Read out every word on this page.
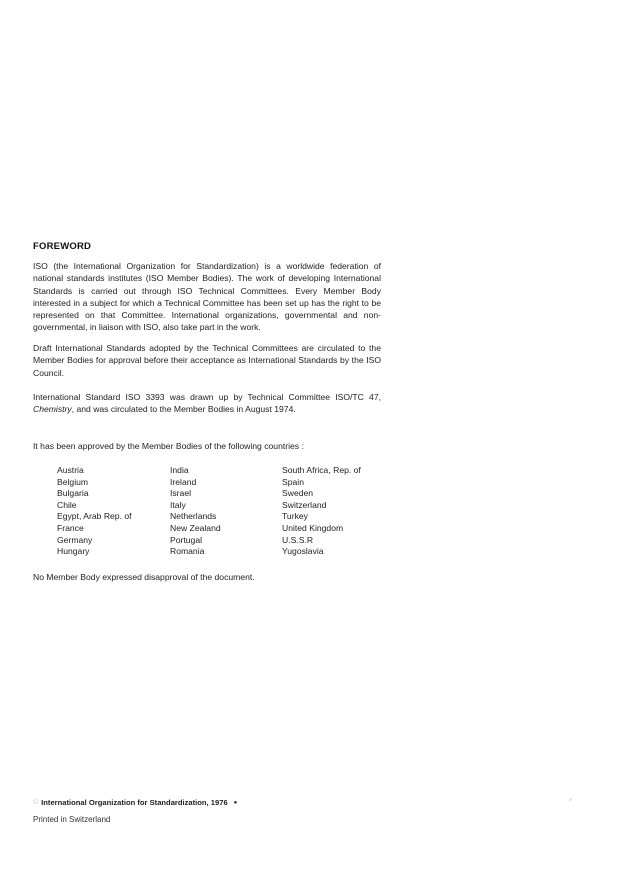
FOREWORD
ISO (the International Organization for Standardization) is a worldwide federation of national standards institutes (ISO Member Bodies). The work of developing International Standards is carried out through ISO Technical Committees. Every Member Body interested in a subject for which a Technical Committee has been set up has the right to be represented on that Committee. International organizations, governmental and non-governmental, in liaison with ISO, also take part in the work.
Draft International Standards adopted by the Technical Committees are circulated to the Member Bodies for approval before their acceptance as International Standards by the ISO Council.
International Standard ISO 3393 was drawn up by Technical Committee ISO/TC 47, Chemistry, and was circulated to the Member Bodies in August 1974.
It has been approved by the Member Bodies of the following countries :
Austria
Belgium
Bulgaria
Chile
Egypt, Arab Rep. of
France
Germany
Hungary
India
Ireland
Israel
Italy
Netherlands
New Zealand
Portugal
Romania
South Africa, Rep. of
Spain
Sweden
Switzerland
Turkey
United Kingdom
U.S.S.R
Yugoslavia
No Member Body expressed disapproval of the document.
© International Organization for Standardization, 1976 ●
Printed in Switzerland
